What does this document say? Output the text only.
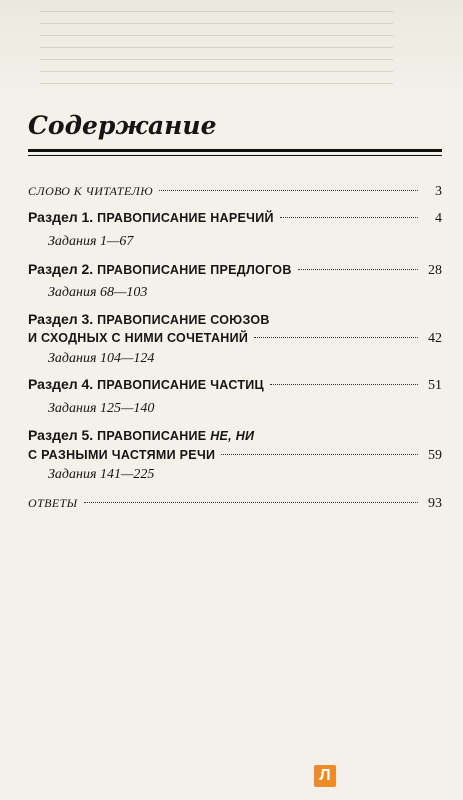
Содержание
СЛОВО К ЧИТАТЕЛЮ	3
Раздел 1. ПРАВОПИСАНИЕ НАРЕЧИЙ	4
Задания 1—67
Раздел 2. ПРАВОПИСАНИЕ ПРЕДЛОГОВ	28
Задания 68—103
Раздел 3. ПРАВОПИСАНИЕ СОЮЗОВ
И СХОДНЫХ С НИМИ СОЧЕТАНИЙ	42
Задания 104—124
Раздел 4. ПРАВОПИСАНИЕ ЧАСТИЦ	51
Задания 125—140
Раздел 5. ПРАВОПИСАНИЕ НЕ, НИ
С РАЗНЫМИ ЧАСТЯМИ РЕЧИ	59
Задания 141—225
ОТВЕТЫ	93
Л
